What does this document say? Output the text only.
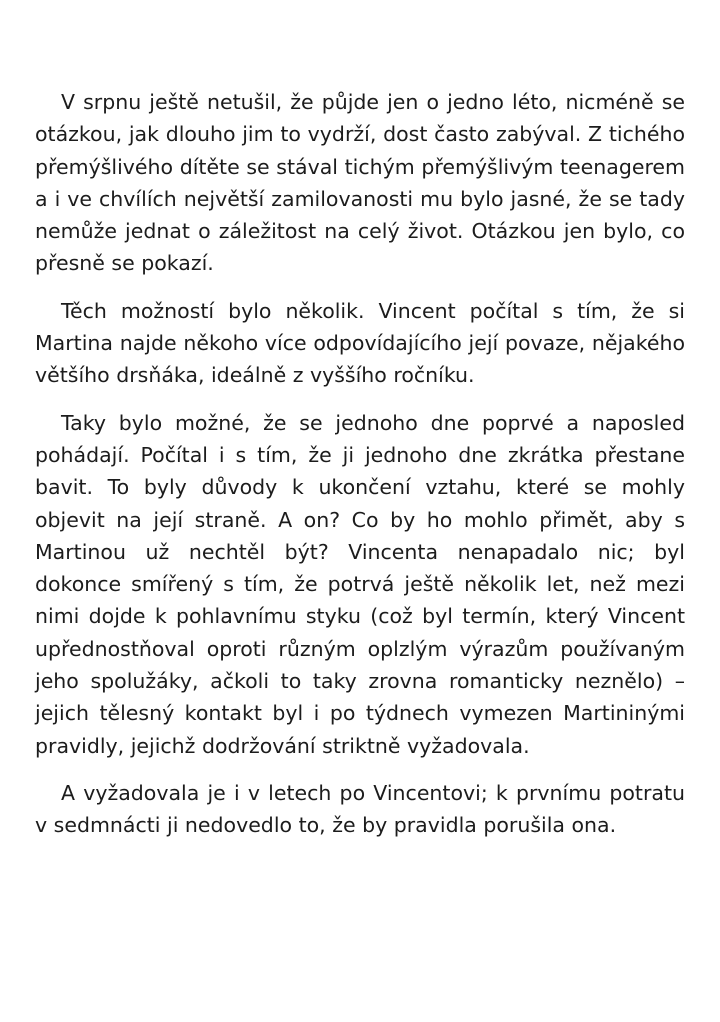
V srpnu ještě netušil, že půjde jen o jedno léto, nicméně se otázkou, jak dlouho jim to vydrží, dost často zabýval. Z tichého přemýšlivého dítěte se stával tichým přemýšlivým teenagerem a i ve chvílích největší zamilovanosti mu bylo jasné, že se tady nemůže jednat o záležitost na celý život. Otázkou jen bylo, co přesně se pokazí.

Těch možností bylo několik. Vincent počítal s tím, že si Martina najde někoho více odpovídajícího její povaze, nějakého většího drsňáka, ideálně z vyššího ročníku.

Taky bylo možné, že se jednoho dne poprvé a naposled pohádají. Počítal i s tím, že ji jednoho dne zkrátka přestane bavit. To byly důvody k ukončení vztahu, které se mohly objevit na její straně. A on? Co by ho mohlo přimět, aby s Martinou už nechtěl být? Vincenta nenapadalo nic; byl dokonce smířený s tím, že potrvá ještě několik let, než mezi nimi dojde k pohlavnímu styku (což byl termín, který Vincent upřednostňoval oproti různým oplzlým výrazům používaným jeho spolužáky, ačkoli to taky zrovna romanticky neznělo) – jejich tělesný kontakt byl i po týdnech vymezen Martininými pravidly, jejichž dodržování striktně vyžadovala.

A vyžadovala je i v letech po Vincentovi; k prvnímu potratu v sedmnácti ji nedovedlo to, že by pravidla porušila ona.
